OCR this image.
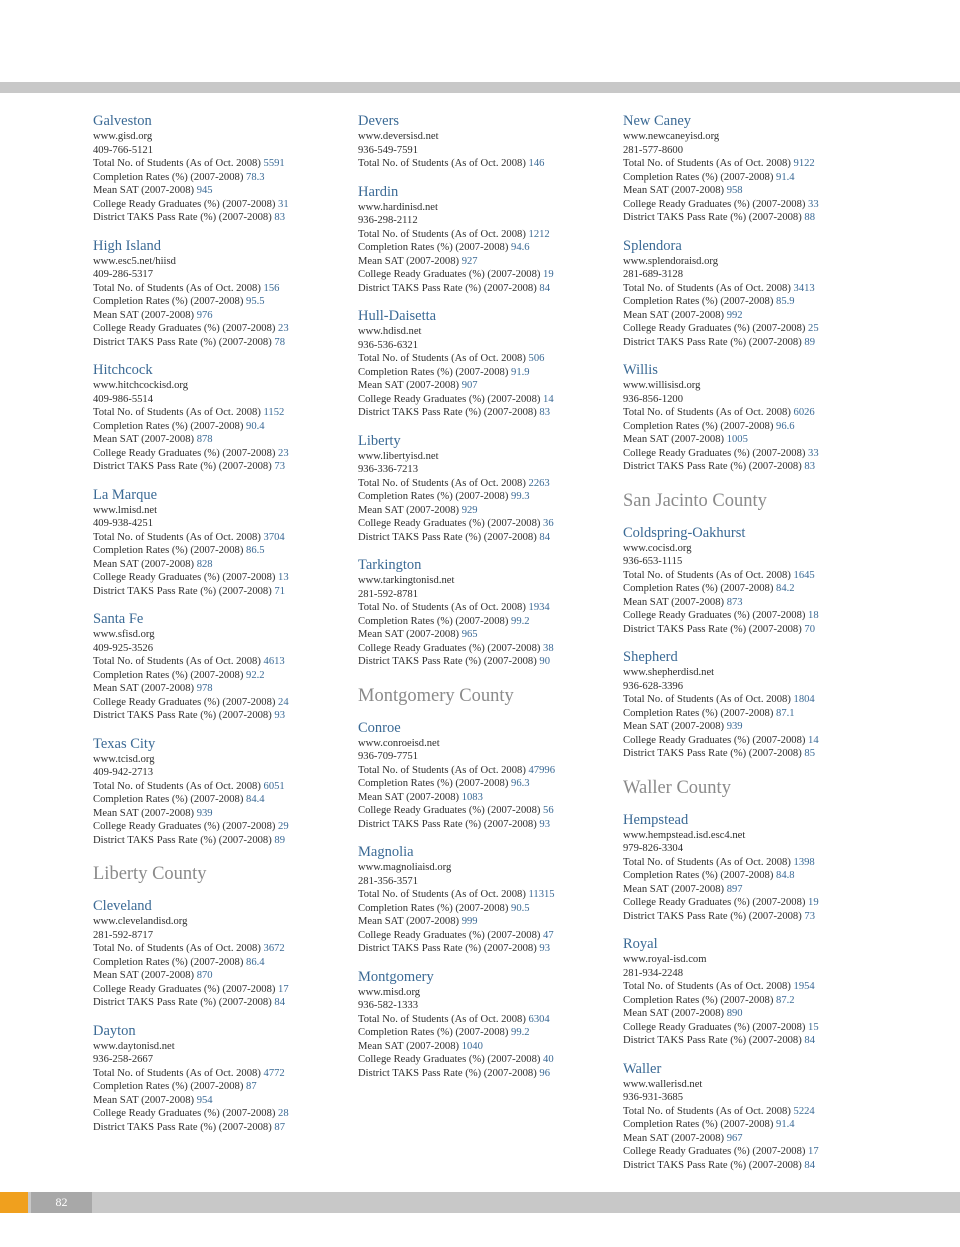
Galveston
www.gisd.org
409-766-5121
Total No. of Students (As of Oct. 2008) 5591
Completion Rates (%) (2007-2008) 78.3
Mean SAT (2007-2008) 945
College Ready Graduates (%) (2007-2008) 31
District TAKS Pass Rate (%) (2007-2008) 83
High Island
www.esc5.net/hiisd
409-286-5317
Total No. of Students (As of Oct. 2008) 156
Completion Rates (%) (2007-2008) 95.5
Mean SAT (2007-2008) 976
College Ready Graduates (%) (2007-2008) 23
District TAKS Pass Rate (%) (2007-2008) 78
Hitchcock
www.hitchcockisd.org
409-986-5514
Total No. of Students (As of Oct. 2008) 1152
Completion Rates (%) (2007-2008) 90.4
Mean SAT (2007-2008) 878
College Ready Graduates (%) (2007-2008) 23
District TAKS Pass Rate (%) (2007-2008) 73
La Marque
www.lmisd.net
409-938-4251
Total No. of Students (As of Oct. 2008) 3704
Completion Rates (%) (2007-2008) 86.5
Mean SAT (2007-2008) 828
College Ready Graduates (%) (2007-2008) 13
District TAKS Pass Rate (%) (2007-2008) 71
Santa Fe
www.sfisd.org
409-925-3526
Total No. of Students (As of Oct. 2008) 4613
Completion Rates (%) (2007-2008) 92.2
Mean SAT (2007-2008) 978
College Ready Graduates (%) (2007-2008) 24
District TAKS Pass Rate (%) (2007-2008) 93
Texas City
www.tcisd.org
409-942-2713
Total No. of Students (As of Oct. 2008) 6051
Completion Rates (%) (2007-2008) 84.4
Mean SAT (2007-2008) 939
College Ready Graduates (%) (2007-2008) 29
District TAKS Pass Rate (%) (2007-2008) 89
Liberty County
Cleveland
www.clevelandisd.org
281-592-8717
Total No. of Students (As of Oct. 2008) 3672
Completion Rates (%) (2007-2008) 86.4
Mean SAT (2007-2008) 870
College Ready Graduates (%) (2007-2008) 17
District TAKS Pass Rate (%) (2007-2008) 84
Dayton
www.daytonisd.net
936-258-2667
Total No. of Students (As of Oct. 2008) 4772
Completion Rates (%) (2007-2008) 87
Mean SAT (2007-2008) 954
College Ready Graduates (%) (2007-2008) 28
District TAKS Pass Rate (%) (2007-2008) 87
Devers
www.deversisd.net
936-549-7591
Total No. of Students (As of Oct. 2008) 146
Hardin
www.hardinisd.net
936-298-2112
Total No. of Students (As of Oct. 2008) 1212
Completion Rates (%) (2007-2008) 94.6
Mean SAT (2007-2008) 927
College Ready Graduates (%) (2007-2008) 19
District TAKS Pass Rate (%) (2007-2008) 84
Hull-Daisetta
www.hdisd.net
936-536-6321
Total No. of Students (As of Oct. 2008) 506
Completion Rates (%) (2007-2008) 91.9
Mean SAT (2007-2008) 907
College Ready Graduates (%) (2007-2008) 14
District TAKS Pass Rate (%) (2007-2008) 83
Liberty
www.libertyisd.net
936-336-7213
Total No. of Students (As of Oct. 2008) 2263
Completion Rates (%) (2007-2008) 99.3
Mean SAT (2007-2008) 929
College Ready Graduates (%) (2007-2008) 36
District TAKS Pass Rate (%) (2007-2008) 84
Tarkington
www.tarkingtonisd.net
281-592-8781
Total No. of Students (As of Oct. 2008) 1934
Completion Rates (%) (2007-2008) 99.2
Mean SAT (2007-2008) 965
College Ready Graduates (%) (2007-2008) 38
District TAKS Pass Rate (%) (2007-2008) 90
Montgomery County
Conroe
www.conroeisd.net
936-709-7751
Total No. of Students (As of Oct. 2008) 47996
Completion Rates (%) (2007-2008) 96.3
Mean SAT (2007-2008) 1083
College Ready Graduates (%) (2007-2008) 56
District TAKS Pass Rate (%) (2007-2008) 93
Magnolia
www.magnoliaisd.org
281-356-3571
Total No. of Students (As of Oct. 2008) 11315
Completion Rates (%) (2007-2008) 90.5
Mean SAT (2007-2008) 999
College Ready Graduates (%) (2007-2008) 47
District TAKS Pass Rate (%) (2007-2008) 93
Montgomery
www.misd.org
936-582-1333
Total No. of Students (As of Oct. 2008) 6304
Completion Rates (%) (2007-2008) 99.2
Mean SAT (2007-2008) 1040
College Ready Graduates (%) (2007-2008) 40
District TAKS Pass Rate (%) (2007-2008) 96
New Caney
www.newcaneyisd.org
281-577-8600
Total No. of Students (As of Oct. 2008) 9122
Completion Rates (%) (2007-2008) 91.4
Mean SAT (2007-2008) 958
College Ready Graduates (%) (2007-2008) 33
District TAKS Pass Rate (%) (2007-2008) 88
Splendora
www.splendoraisd.org
281-689-3128
Total No. of Students (As of Oct. 2008) 3413
Completion Rates (%) (2007-2008) 85.9
Mean SAT (2007-2008) 992
College Ready Graduates (%) (2007-2008) 25
District TAKS Pass Rate (%) (2007-2008) 89
Willis
www.willisisd.org
936-856-1200
Total No. of Students (As of Oct. 2008) 6026
Completion Rates (%) (2007-2008) 96.6
Mean SAT (2007-2008) 1005
College Ready Graduates (%) (2007-2008) 33
District TAKS Pass Rate (%) (2007-2008) 83
San Jacinto County
Coldspring-Oakhurst
www.cocisd.org
936-653-1115
Total No. of Students (As of Oct. 2008) 1645
Completion Rates (%) (2007-2008) 84.2
Mean SAT (2007-2008) 873
College Ready Graduates (%) (2007-2008) 18
District TAKS Pass Rate (%) (2007-2008) 70
Shepherd
www.shepherdisd.net
936-628-3396
Total No. of Students (As of Oct. 2008) 1804
Completion Rates (%) (2007-2008) 87.1
Mean SAT (2007-2008) 939
College Ready Graduates (%) (2007-2008) 14
District TAKS Pass Rate (%) (2007-2008) 85
Waller County
Hempstead
www.hempstead.isd.esc4.net
979-826-3304
Total No. of Students (As of Oct. 2008) 1398
Completion Rates (%) (2007-2008) 84.8
Mean SAT (2007-2008) 897
College Ready Graduates (%) (2007-2008) 19
District TAKS Pass Rate (%) (2007-2008) 73
Royal
www.royal-isd.com
281-934-2248
Total No. of Students (As of Oct. 2008) 1954
Completion Rates (%) (2007-2008) 87.2
Mean SAT (2007-2008) 890
College Ready Graduates (%) (2007-2008) 15
District TAKS Pass Rate (%) (2007-2008) 84
Waller
www.wallerisd.net
936-931-3685
Total No. of Students (As of Oct. 2008) 5224
Completion Rates (%) (2007-2008) 91.4
Mean SAT (2007-2008) 967
College Ready Graduates (%) (2007-2008) 17
District TAKS Pass Rate (%) (2007-2008) 84
82
